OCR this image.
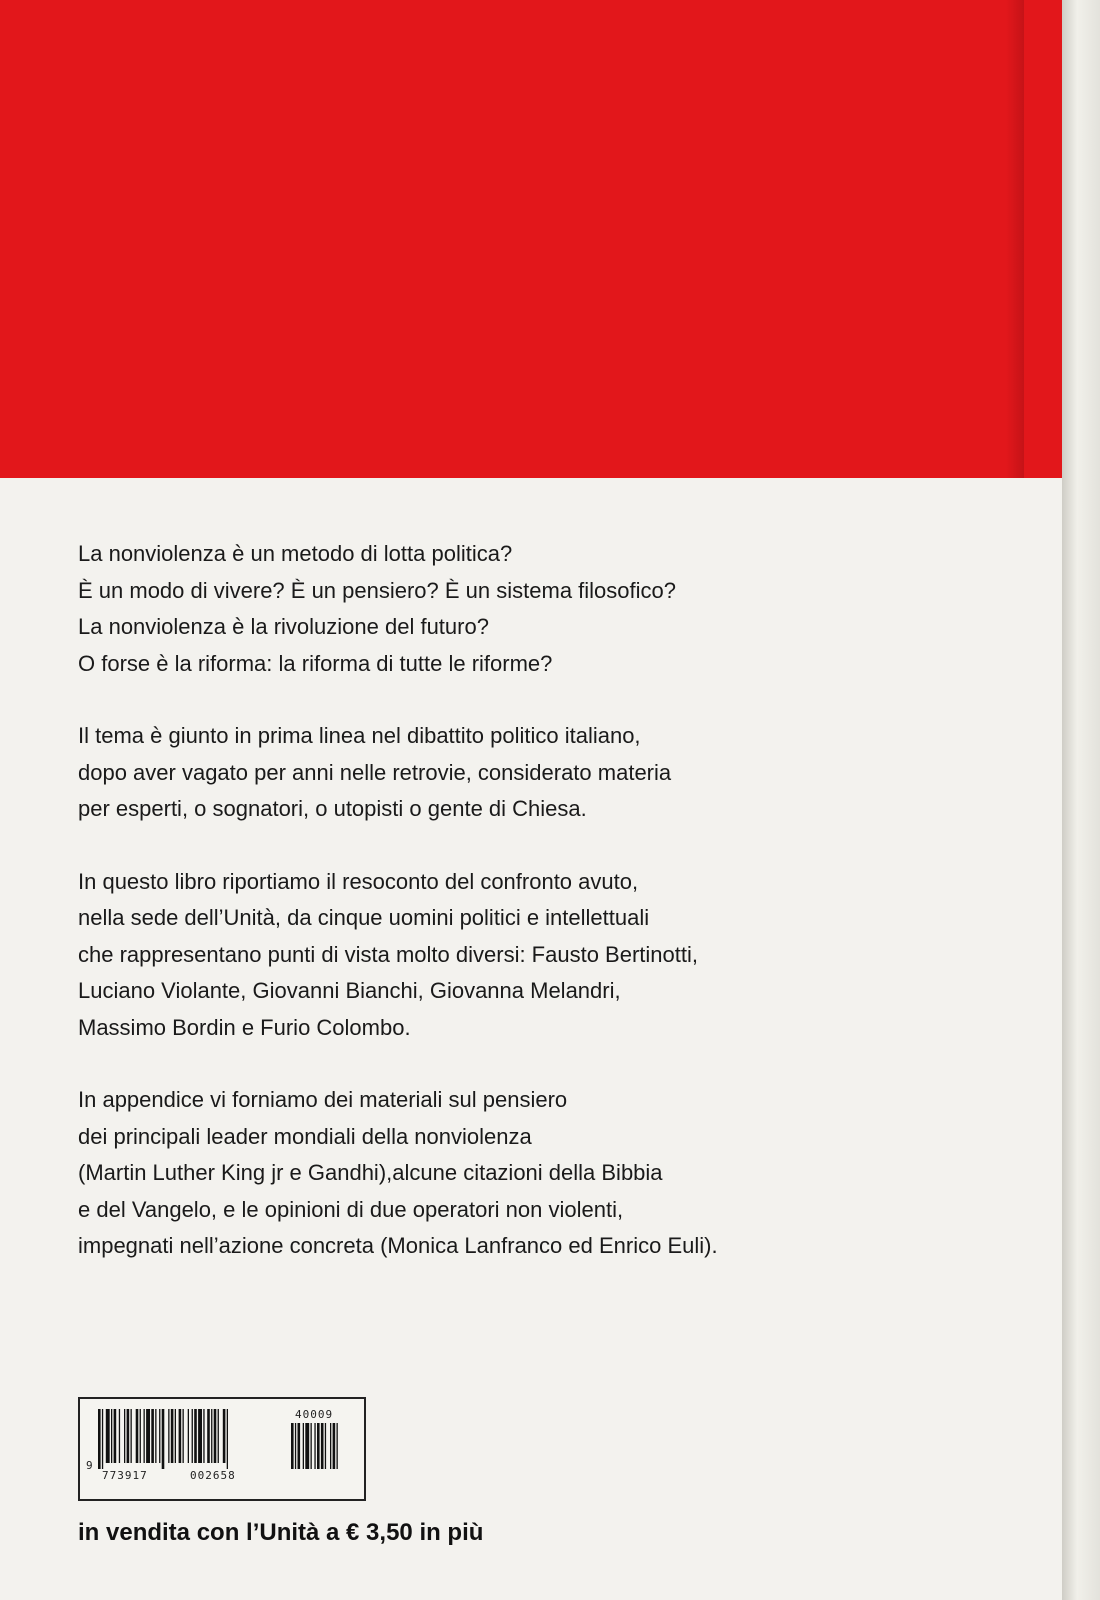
La nonviolenza è un metodo di lotta politica?
È un modo di vivere? È un pensiero? È un sistema filosofico?
La nonviolenza è la rivoluzione del futuro?
O forse è la riforma: la riforma di tutte le riforme?

Il tema è giunto in prima linea nel dibattito politico italiano,
dopo aver vagato per anni nelle retrovie, considerato materia
per esperti, o sognatori, o utopisti o gente di Chiesa.

In questo libro riportiamo il resoconto del confronto avuto,
nella sede dell’Unità, da cinque uomini politici e intellettuali
che rappresentano punti di vista molto diversi: Fausto Bertinotti,
Luciano Violante, Giovanni Bianchi, Giovanna Melandri,
Massimo Bordin e Furio Colombo.

In appendice vi forniamo dei materiali sul pensiero
dei principali leader mondiali della nonviolenza
(Martin Luther King jr e Gandhi),alcune citazioni della Bibbia
e del Vangelo, e le opinioni di due operatori non violenti,
impegnati nell’azione concreta (Monica Lanfranco ed Enrico Euli).

9
773917	002658
40009
in vendita con l’Unità a € 3,50 in più
